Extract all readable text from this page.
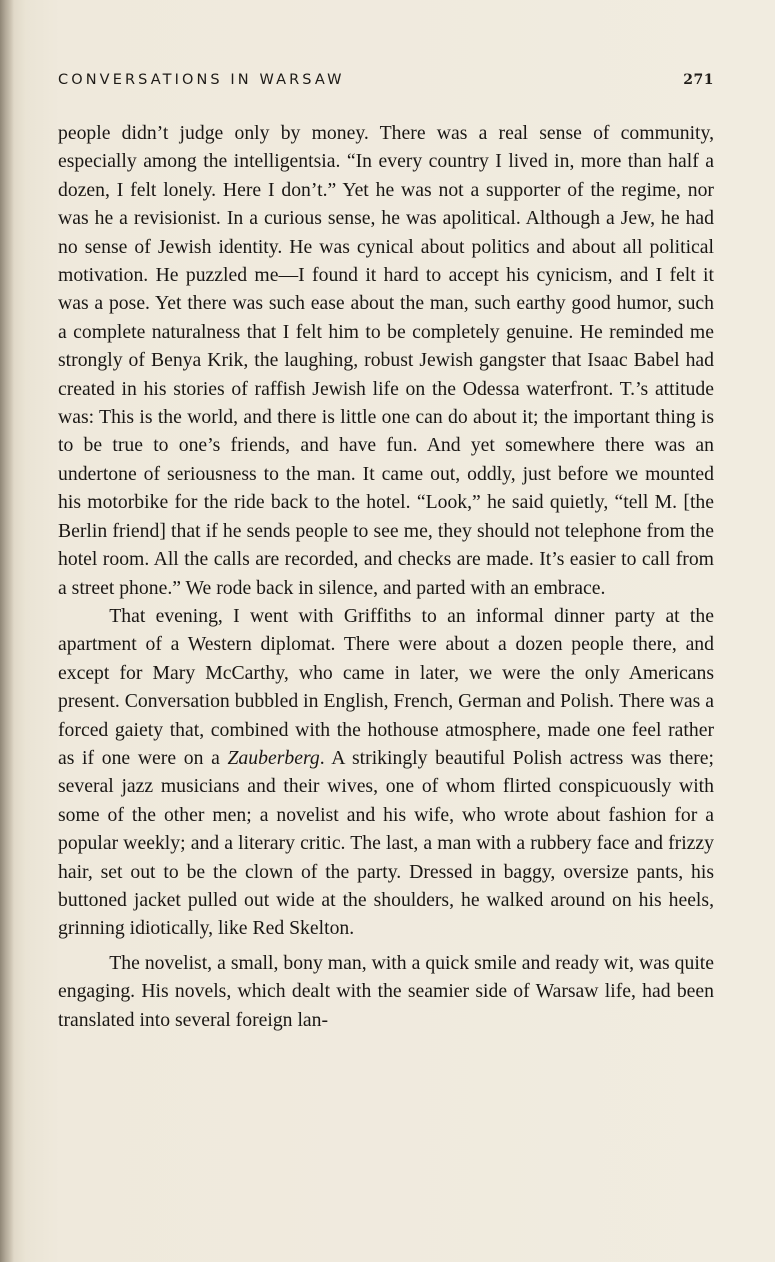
CONVERSATIONS IN WARSAW	271

people didn’t judge only by money. There was a real sense of community, especially among the intelligentsia. “In every country I lived in, more than half a dozen, I felt lonely. Here I don’t.” Yet he was not a supporter of the regime, nor was he a revisionist. In a curious sense, he was apolitical. Although a Jew, he had no sense of Jewish identity. He was cynical about politics and about all political motivation. He puzzled me—I found it hard to accept his cynicism, and I felt it was a pose. Yet there was such ease about the man, such earthy good humor, such a complete naturalness that I felt him to be completely genuine. He reminded me strongly of Benya Krik, the laughing, robust Jewish gangster that Isaac Babel had created in his stories of raffish Jewish life on the Odessa waterfront. T.’s attitude was: This is the world, and there is little one can do about it; the important thing is to be true to one’s friends, and have fun. And yet somewhere there was an undertone of seriousness to the man. It came out, oddly, just before we mounted his motorbike for the ride back to the hotel. “Look,” he said quietly, “tell M. [the Berlin friend] that if he sends people to see me, they should not telephone from the hotel room. All the calls are recorded, and checks are made. It’s easier to call from a street phone.” We rode back in silence, and parted with an embrace.

That evening, I went with Griffiths to an informal dinner party at the apartment of a Western diplomat. There were about a dozen people there, and except for Mary McCarthy, who came in later, we were the only Americans present. Conversation bubbled in English, French, German and Polish. There was a forced gaiety that, combined with the hothouse atmosphere, made one feel rather as if one were on a Zauberberg. A strikingly beautiful Polish actress was there; several jazz musicians and their wives, one of whom flirted conspicuously with some of the other men; a novelist and his wife, who wrote about fashion for a popular weekly; and a literary critic. The last, a man with a rubbery face and frizzy hair, set out to be the clown of the party. Dressed in baggy, oversize pants, his buttoned jacket pulled out wide at the shoulders, he walked around on his heels, grinning idiotically, like Red Skelton.

The novelist, a small, bony man, with a quick smile and ready wit, was quite engaging. His novels, which dealt with the seamier side of Warsaw life, had been translated into several foreign lan-
